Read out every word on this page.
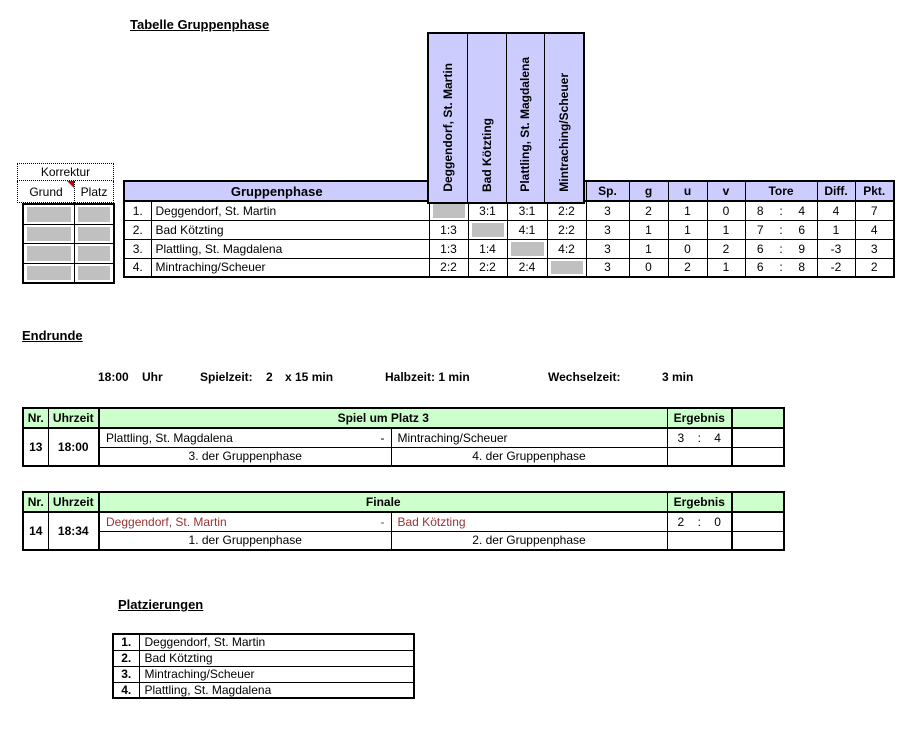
Tabelle Gruppenphase
Korrektur
Grund Platz	Gruppenphase						Sp.	g	u	v	Tore	Diff.	Pkt.
1.	Deggendorf, St. Martin		3:1	3:1	2:2	3	2	1	0	8 : 4	4	7
2.	Bad Kötzting	1:3		4:1	2:2	3	1	1	1	7 : 6	1	4
3.	Plattling, St. Magdalena	1:3	1:4		4:2	3	1	0	2	6 : 9	-3	3
4.	Mintraching/Scheuer	2:2	2:2	2:4		3	0	2	1	6 : 8	-2	2
Deggendorf, St. Martin Bad Kötzting Plattling, St. Magdalena Mintraching/Scheuer
Endrunde
18:00 Uhr	Spielzeit: 2 x 15 min	Halbzeit: 1 min	Wechselzeit:	3 min
Nr.	Uhrzeit	Spiel um Platz 3		Ergebnis	
13	18:00	Plattling, St. Magdalena -	Mintraching/Scheuer	3 : 4	

		3. der Gruppenphase	4. der Gruppenphase		
Nr.	Uhrzeit	Finale		Ergebnis	
14	18:34	Deggendorf, St. Martin -	Bad Kötzting	2 : 0	

		1. der Gruppenphase	2. der Gruppenphase		
Platzierungen
1.	Deggendorf, St. Martin
2.	Bad Kötzting
3.	Mintraching/Scheuer
4.	Plattling, St. Magdalena
